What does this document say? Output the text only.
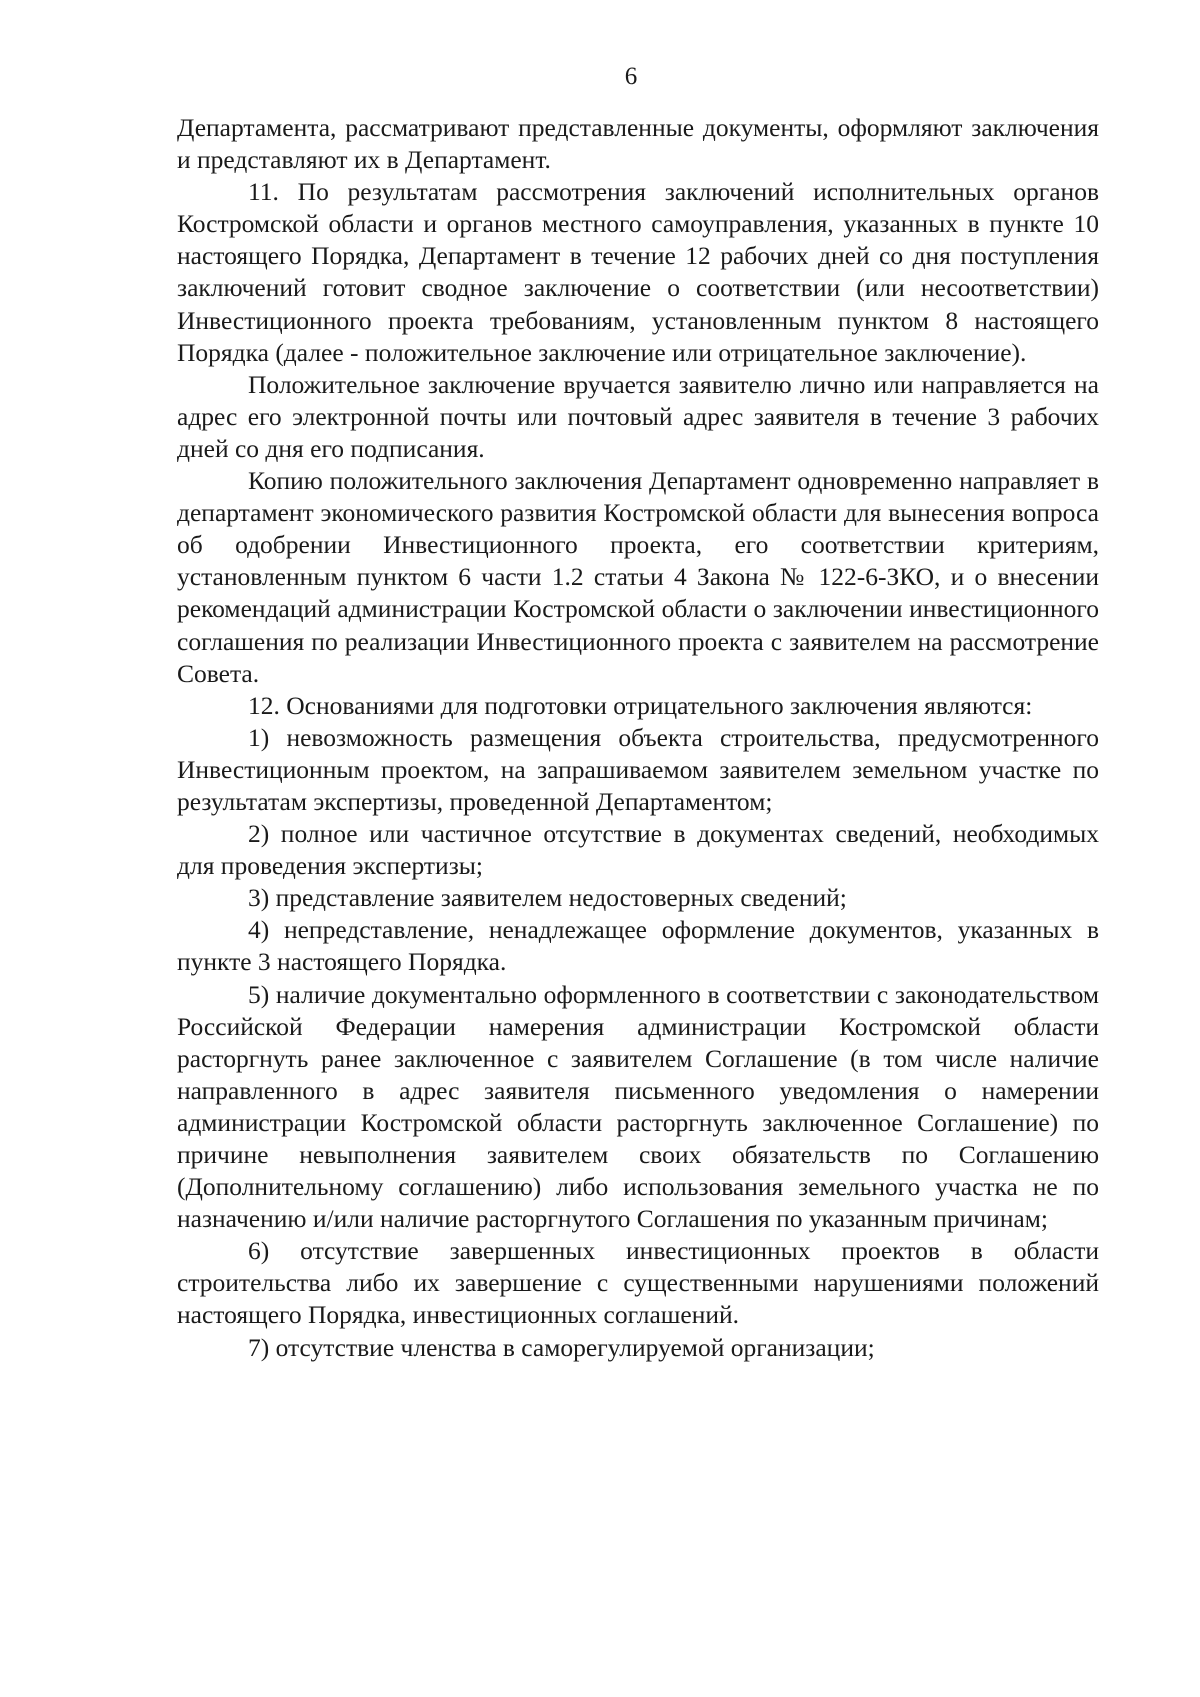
6

Департамента, рассматривают представленные документы, оформляют заключения и представляют их в Департамент.

11. По результатам рассмотрения заключений исполнительных органов Костромской области и органов местного самоуправления, указанных в пункте 10 настоящего Порядка, Департамент в течение 12 рабочих дней со дня поступления заключений готовит сводное заключение о соответствии (или несоответствии) Инвестиционного проекта требованиям, установленным пунктом 8 настоящего Порядка (далее - положительное заключение или отрицательное заключение).

Положительное заключение вручается заявителю лично или направляется на адрес его электронной почты или почтовый адрес заявителя в течение 3 рабочих дней со дня его подписания.

Копию положительного заключения Департамент одновременно направляет в департамент экономического развития Костромской области для вынесения вопроса об одобрении Инвестиционного проекта, его соответствии критериям, установленным пунктом 6 части 1.2 статьи 4 Закона № 122-6-ЗКО, и о внесении рекомендаций администрации Костромской области о заключении инвестиционного соглашения по реализации Инвестиционного проекта с заявителем на рассмотрение Совета.

12. Основаниями для подготовки отрицательного заключения являются:

1) невозможность размещения объекта строительства, предусмотренного Инвестиционным проектом, на запрашиваемом заявителем земельном участке по результатам экспертизы, проведенной Департаментом;

2) полное или частичное отсутствие в документах сведений, необходимых для проведения экспертизы;

3) представление заявителем недостоверных сведений;

4) непредставление, ненадлежащее оформление документов, указанных в пункте 3 настоящего Порядка.

5) наличие документально оформленного в соответствии с законодательством Российской Федерации намерения администрации Костромской области расторгнуть ранее заключенное с заявителем Соглашение (в том числе наличие направленного в адрес заявителя письменного уведомления о намерении администрации Костромской области расторгнуть заключенное Соглашение) по причине невыполнения заявителем своих обязательств по Соглашению (Дополнительному соглашению) либо использования земельного участка не по назначению и/или наличие расторгнутого Соглашения по указанным причинам;

6) отсутствие завершенных инвестиционных проектов в области строительства либо их завершение с существенными нарушениями положений настоящего Порядка, инвестиционных соглашений.

7) отсутствие членства в саморегулируемой организации;
